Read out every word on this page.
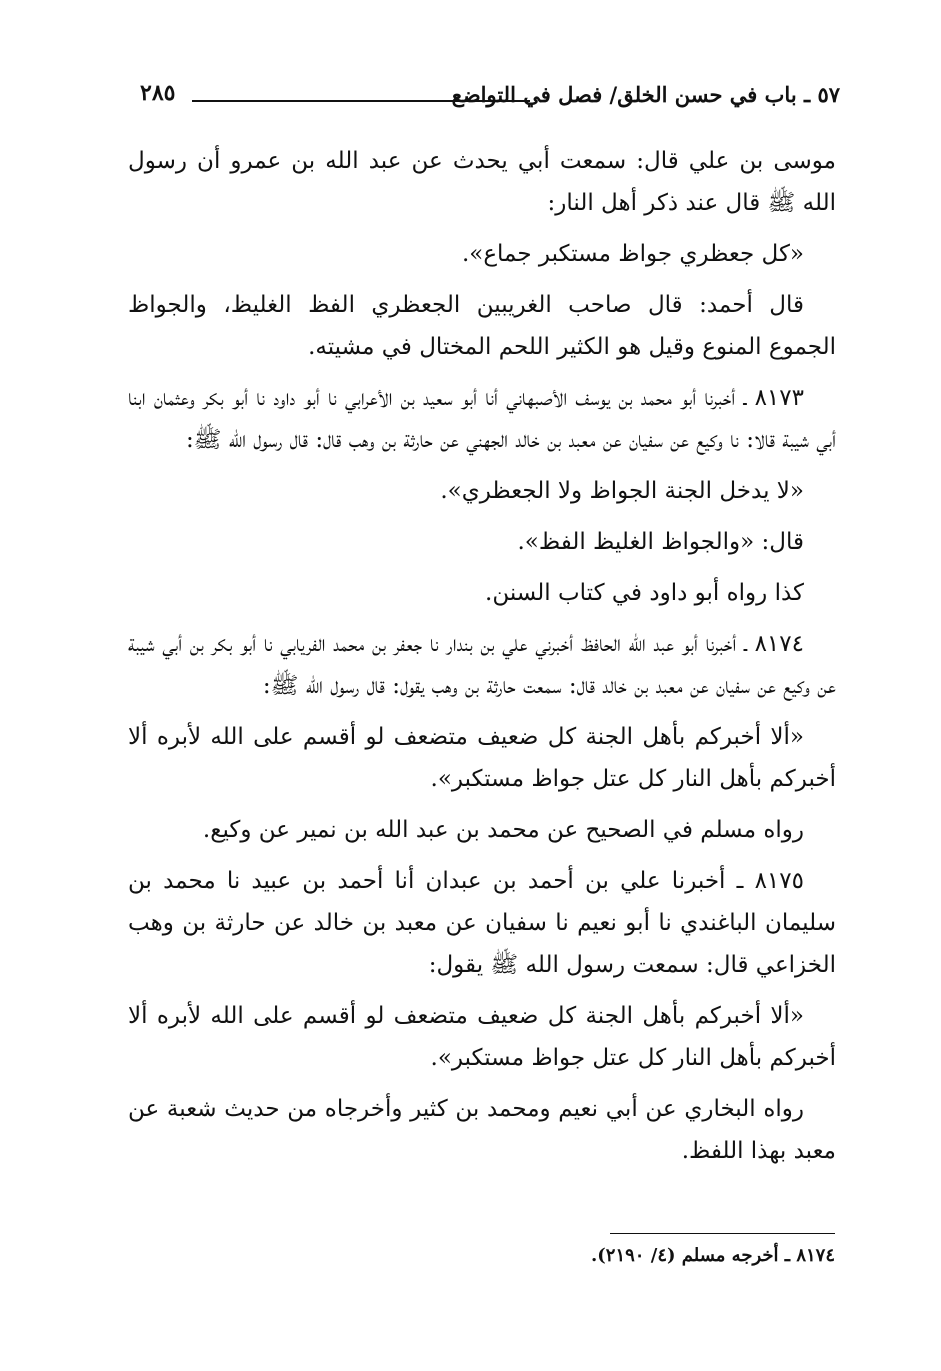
٥٧ ـ باب في حسن الخلق/ فصل في التواضع
٢٨٥

موسى بن علي قال: سمعت أبي يحدث عن عبد الله بن عمرو أن رسول الله ﷺ قال عند ذكر أهل النار:

«كل جعظري جواظ مستكبر جماع».

قال أحمد: قال صاحب الغريبين الجعظري الفظ الغليظ، والجواظ الجموع المنوع وقيل هو الكثير اللحم المختال في مشيته.

٨١٧٣ ـ أخبرنا أبو محمد بن يوسف الأصبهاني أنا أبو سعيد بن الأعرابي نا أبو داود نا أبو بكر وعثمان ابنا أبي شيبة قالا: نا وكيع عن سفيان عن معبد بن خالد الجهني عن حارثة بن وهب قال: قال رسول الله ﷺ:

«لا يدخل الجنة الجواظ ولا الجعظري».

قال: «والجواظ الغليظ الفظ».

كذا رواه أبو داود في كتاب السنن.

٨١٧٤ ـ أخبرنا أبو عبد الله الحافظ أخبرني علي بن بندار نا جعفر بن محمد الفريابي نا أبو بكر بن أبي شيبة عن وكيع عن سفيان عن معبد بن خالد قال: سمعت حارثة بن وهب يقول: قال رسول الله ﷺ:

«ألا أخبركم بأهل الجنة كل ضعيف متضعف لو أقسم على الله لأبره ألا أخبركم بأهل النار كل عتل جواظ مستكبر».

رواه مسلم في الصحيح عن محمد بن عبد الله بن نمير عن وكيع.

٨١٧٥ ـ أخبرنا علي بن أحمد بن عبدان أنا أحمد بن عبيد نا محمد بن سليمان الباغندي نا أبو نعيم نا سفيان عن معبد بن خالد عن حارثة بن وهب الخزاعي قال: سمعت رسول الله ﷺ يقول:

«ألا أخبركم بأهل الجنة كل ضعيف متضعف لو أقسم على الله لأبره ألا أخبركم بأهل النار كل عتل جواظ مستكبر».

رواه البخاري عن أبي نعيم ومحمد بن كثير وأخرجاه من حديث شعبة عن معبد بهذا اللفظ.

٨١٧٤ ـ أخرجه مسلم (٤/ ٢١٩٠).
